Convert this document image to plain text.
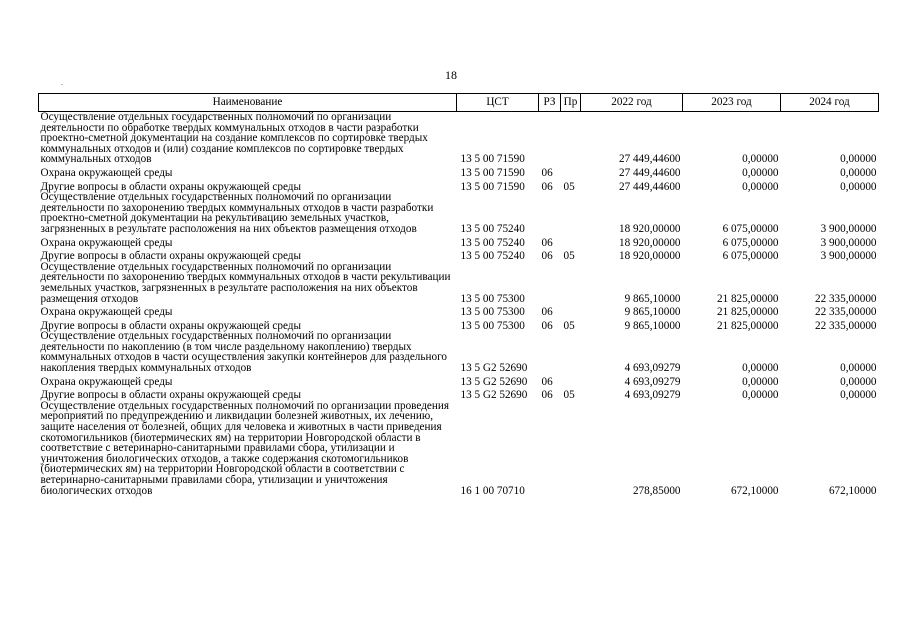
18
.
Наименование	ЦСТ	РЗ	Пр	2022 год	2023 год	2024 год
Осуществление отдельных государственных полномочий по организации деятельности по обработке твердых коммунальных отходов в части разработки проектно-сметной документации на создание комплексов по сортировке твердых коммунальных отходов и (или) создание комплексов по сортировке твердых коммунальных отходов	13 5 00 71590			27 449,44600	0,00000	0,00000
Охрана окружающей среды	13 5 00 71590	06		27 449,44600	0,00000	0,00000
Другие вопросы в области охраны окружающей среды	13 5 00 71590	06	05	27 449,44600	0,00000	0,00000
Осуществление отдельных государственных полномочий по организации деятельности по захоронению твердых коммунальных отходов в части разработки проектно-сметной документации на рекультивацию земельных участков, загрязненных в результате расположения на них объектов размещения отходов	13 5 00 75240			18 920,00000	6 075,00000	3 900,00000
Охрана окружающей среды	13 5 00 75240	06		18 920,00000	6 075,00000	3 900,00000
Другие вопросы в области охраны окружающей среды	13 5 00 75240	06	05	18 920,00000	6 075,00000	3 900,00000
Осуществление отдельных государственных полномочий по организации деятельности по захоронению твердых коммунальных отходов в части рекультивации земельных участков, загрязненных в результате расположения на них объектов размещения отходов	13 5 00 75300			9 865,10000	21 825,00000	22 335,00000
Охрана окружающей среды	13 5 00 75300	06		9 865,10000	21 825,00000	22 335,00000
Другие вопросы в области охраны окружающей среды	13 5 00 75300	06	05	9 865,10000	21 825,00000	22 335,00000
Осуществление отдельных государственных полномочий по организации деятельности по накоплению (в том числе раздельному накоплению) твердых коммунальных отходов в части осуществления закупки контейнеров для раздельного накопления твердых коммунальных отходов	13 5 G2 52690			4 693,09279	0,00000	0,00000
Охрана окружающей среды	13 5 G2 52690	06		4 693,09279	0,00000	0,00000
Другие вопросы в области охраны окружающей среды	13 5 G2 52690	06	05	4 693,09279	0,00000	0,00000
Осуществление отдельных государственных полномочий по организации проведения мероприятий по предупреждению и ликвидации болезней животных, их лечению, защите населения от болезней, общих для человека и животных в части приведения скотомогильников (биотермических ям) на территории Новгородской области в соответствие с ветеринарно-санитарными правилами сбора, утилизации и уничтожения биологических отходов, а также содержания скотомогильников (биотермических ям) на территории Новгородской области в соответствии с ветеринарно-санитарными правилами сбора, утилизации и уничтожения биологических отходов	16 1 00 70710			278,85000	672,10000	672,10000
